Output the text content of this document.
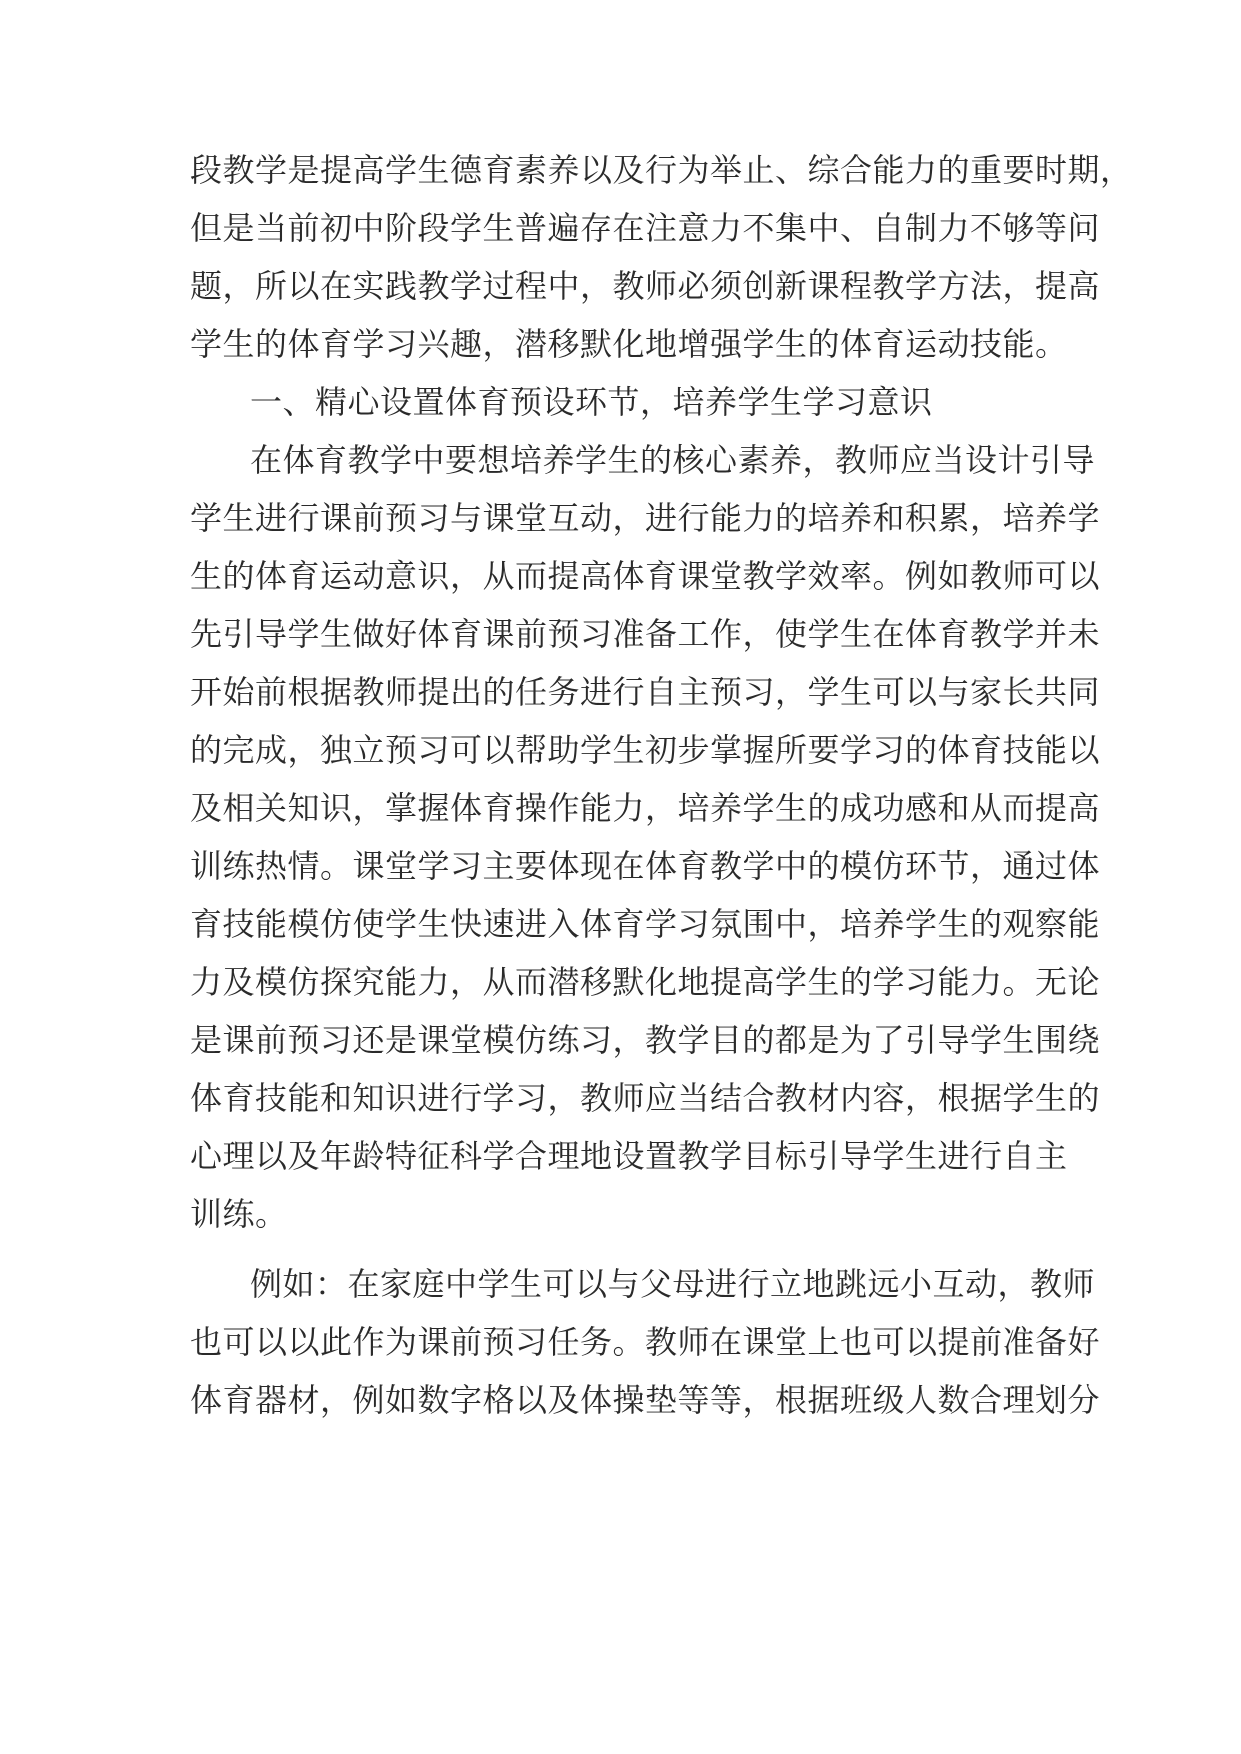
段教学是提高学生德育素养以及行为举止、综合能力的重要时期，
但是当前初中阶段学生普遍存在注意力不集中、自制力不够等问
题，所以在实践教学过程中，教师必须创新课程教学方法，提高
学生的体育学习兴趣，潜移默化地增强学生的体育运动技能。
一、精心设置体育预设环节，培养学生学习意识
在体育教学中要想培养学生的核心素养，教师应当设计引导
学生进行课前预习与课堂互动，进行能力的培养和积累，培养学
生的体育运动意识，从而提高体育课堂教学效率。例如教师可以
先引导学生做好体育课前预习准备工作，使学生在体育教学并未
开始前根据教师提出的任务进行自主预习，学生可以与家长共同
的完成，独立预习可以帮助学生初步掌握所要学习的体育技能以
及相关知识，掌握体育操作能力，培养学生的成功感和从而提高
训练热情。课堂学习主要体现在体育教学中的模仿环节，通过体
育技能模仿使学生快速进入体育学习氛围中，培养学生的观察能
力及模仿探究能力，从而潜移默化地提高学生的学习能力。无论
是课前预习还是课堂模仿练习，教学目的都是为了引导学生围绕
体育技能和知识进行学习，教师应当结合教材内容，根据学生的
心理以及年龄特征科学合理地设置教学目标引导学生进行自主
训练。
例如：在家庭中学生可以与父母进行立地跳远小互动，教师
也可以以此作为课前预习任务。教师在课堂上也可以提前准备好
体育器材，例如数字格以及体操垫等等，根据班级人数合理划分
